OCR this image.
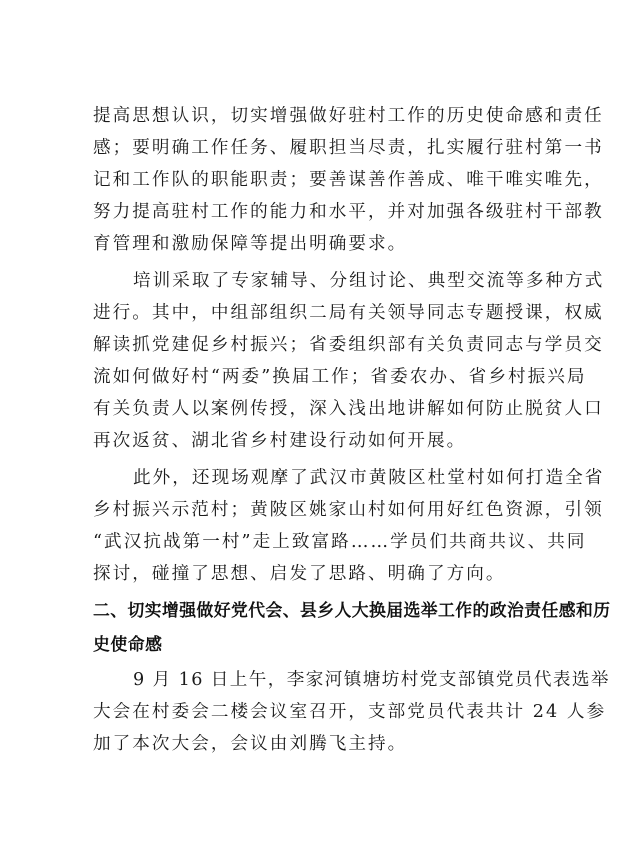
提高思想认识，切实增强做好驻村工作的历史使命感和责任
感；要明确工作任务、履职担当尽责，扎实履行驻村第一书
记和工作队的职能职责；要善谋善作善成、唯干唯实唯先，
努力提高驻村工作的能力和水平，并对加强各级驻村干部教
育管理和激励保障等提出明确要求。
培训采取了专家辅导、分组讨论、典型交流等多种方式
进行。其中，中组部组织二局有关领导同志专题授课，权威
解读抓党建促乡村振兴；省委组织部有关负责同志与学员交
流如何做好村“两委”换届工作；省委农办、省乡村振兴局
有关负责人以案例传授，深入浅出地讲解如何防止脱贫人口
再次返贫、湖北省乡村建设行动如何开展。
此外，还现场观摩了武汉市黄陂区杜堂村如何打造全省
乡村振兴示范村；黄陂区姚家山村如何用好红色资源，引领
“武汉抗战第一村”走上致富路……学员们共商共议、共同
探讨，碰撞了思想、启发了思路、明确了方向。
二、切实增强做好党代会、县乡人大换届选举工作的政治责任感和历
史使命感
9 月 16 日上午，李家河镇塘坊村党支部镇党员代表选举
大会在村委会二楼会议室召开，支部党员代表共计 24 人参
加了本次大会，会议由刘腾飞主持。
